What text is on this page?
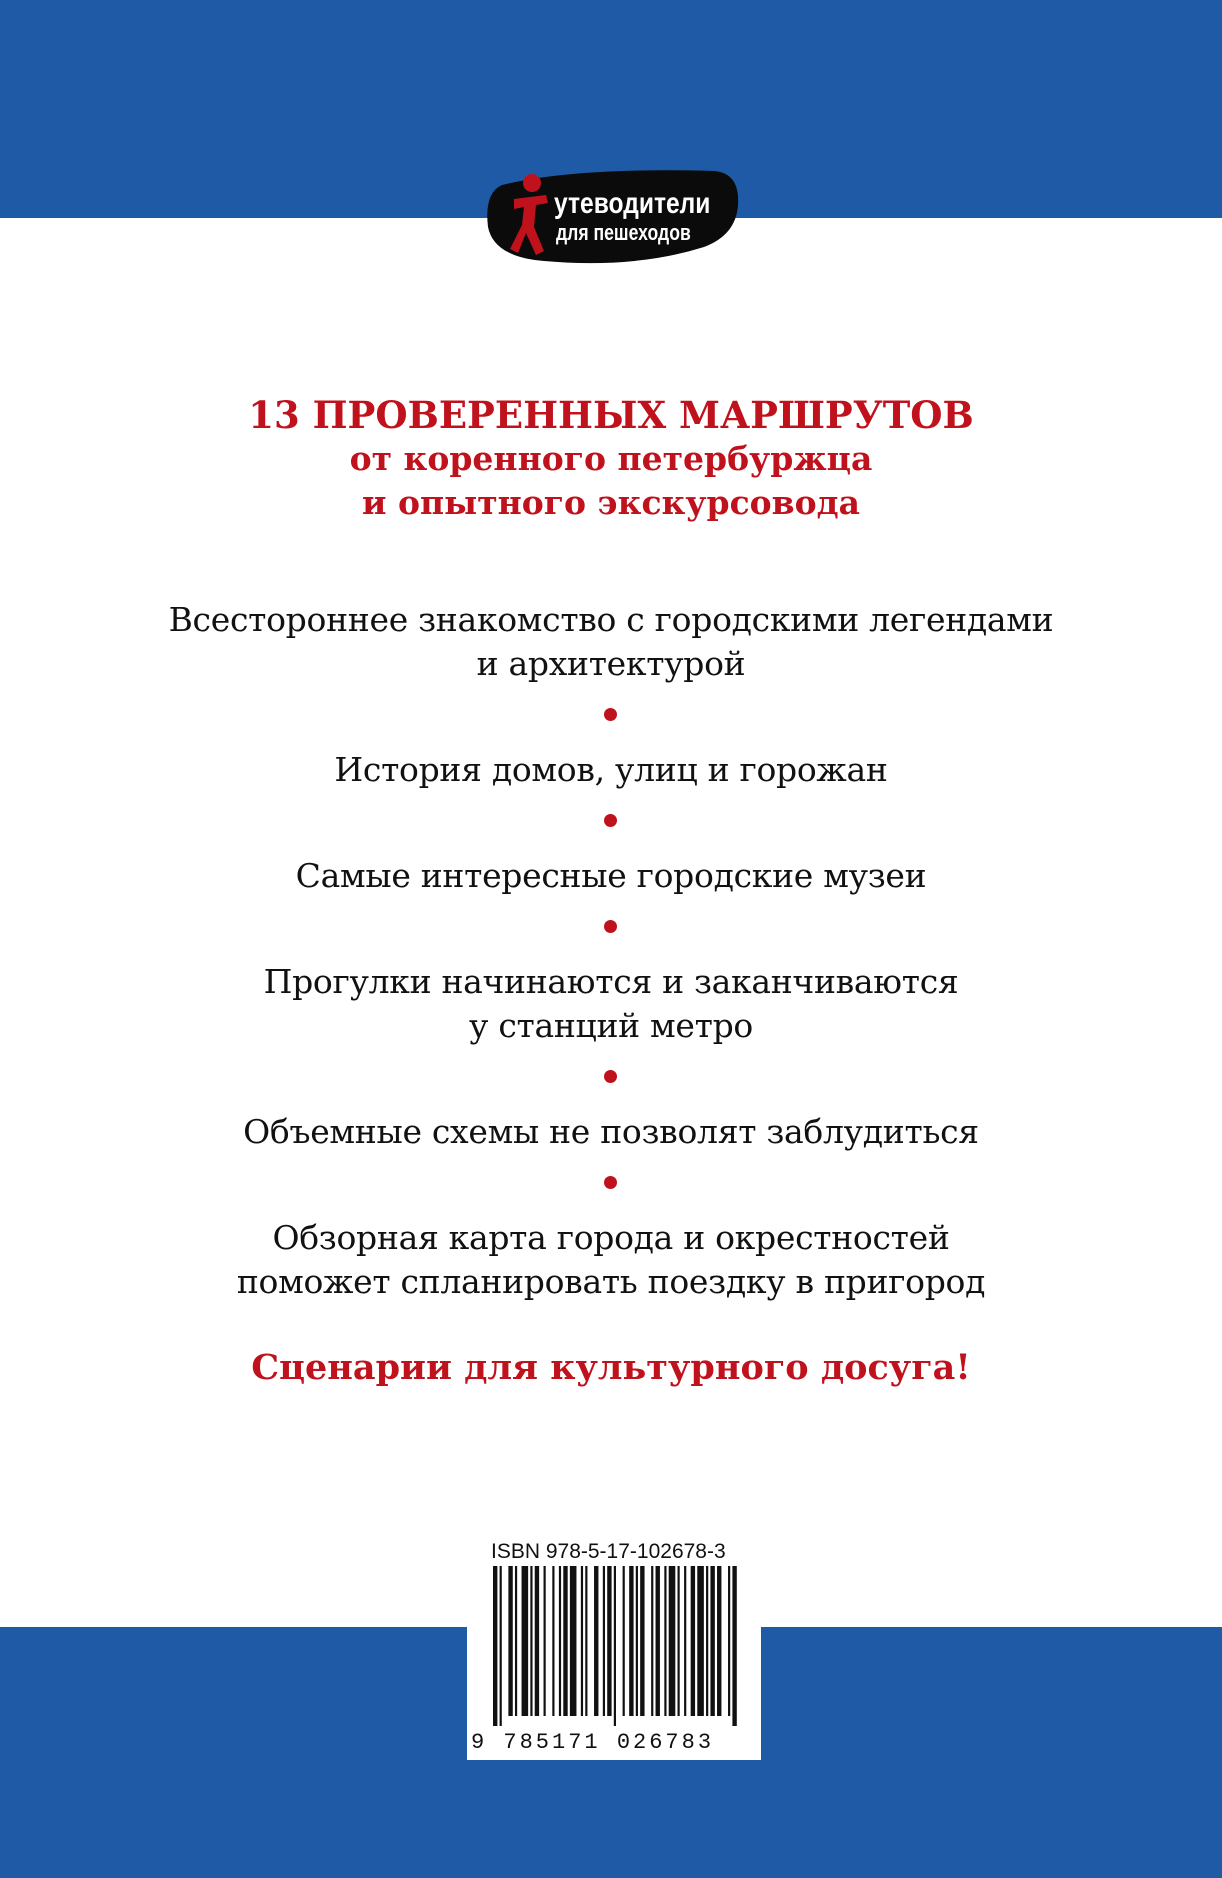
утеводители
для пешеходов
13 ПРОВЕРЕННЫХ МАРШРУТОВ
от коренного петербуржца
и опытного экскурсовода
Всестороннее знакомство с городскими легендами
и архитектурой
История домов, улиц и горожан
Самые интересные городские музеи
Прогулки начинаются и заканчиваются
у станций метро
Объемные схемы не позволят заблудиться
Обзорная карта города и окрестностей
поможет спланировать поездку в пригород
Сценарии для культурного досуга!
ISBN 978-5-17-102678-3
9 785171 026783
